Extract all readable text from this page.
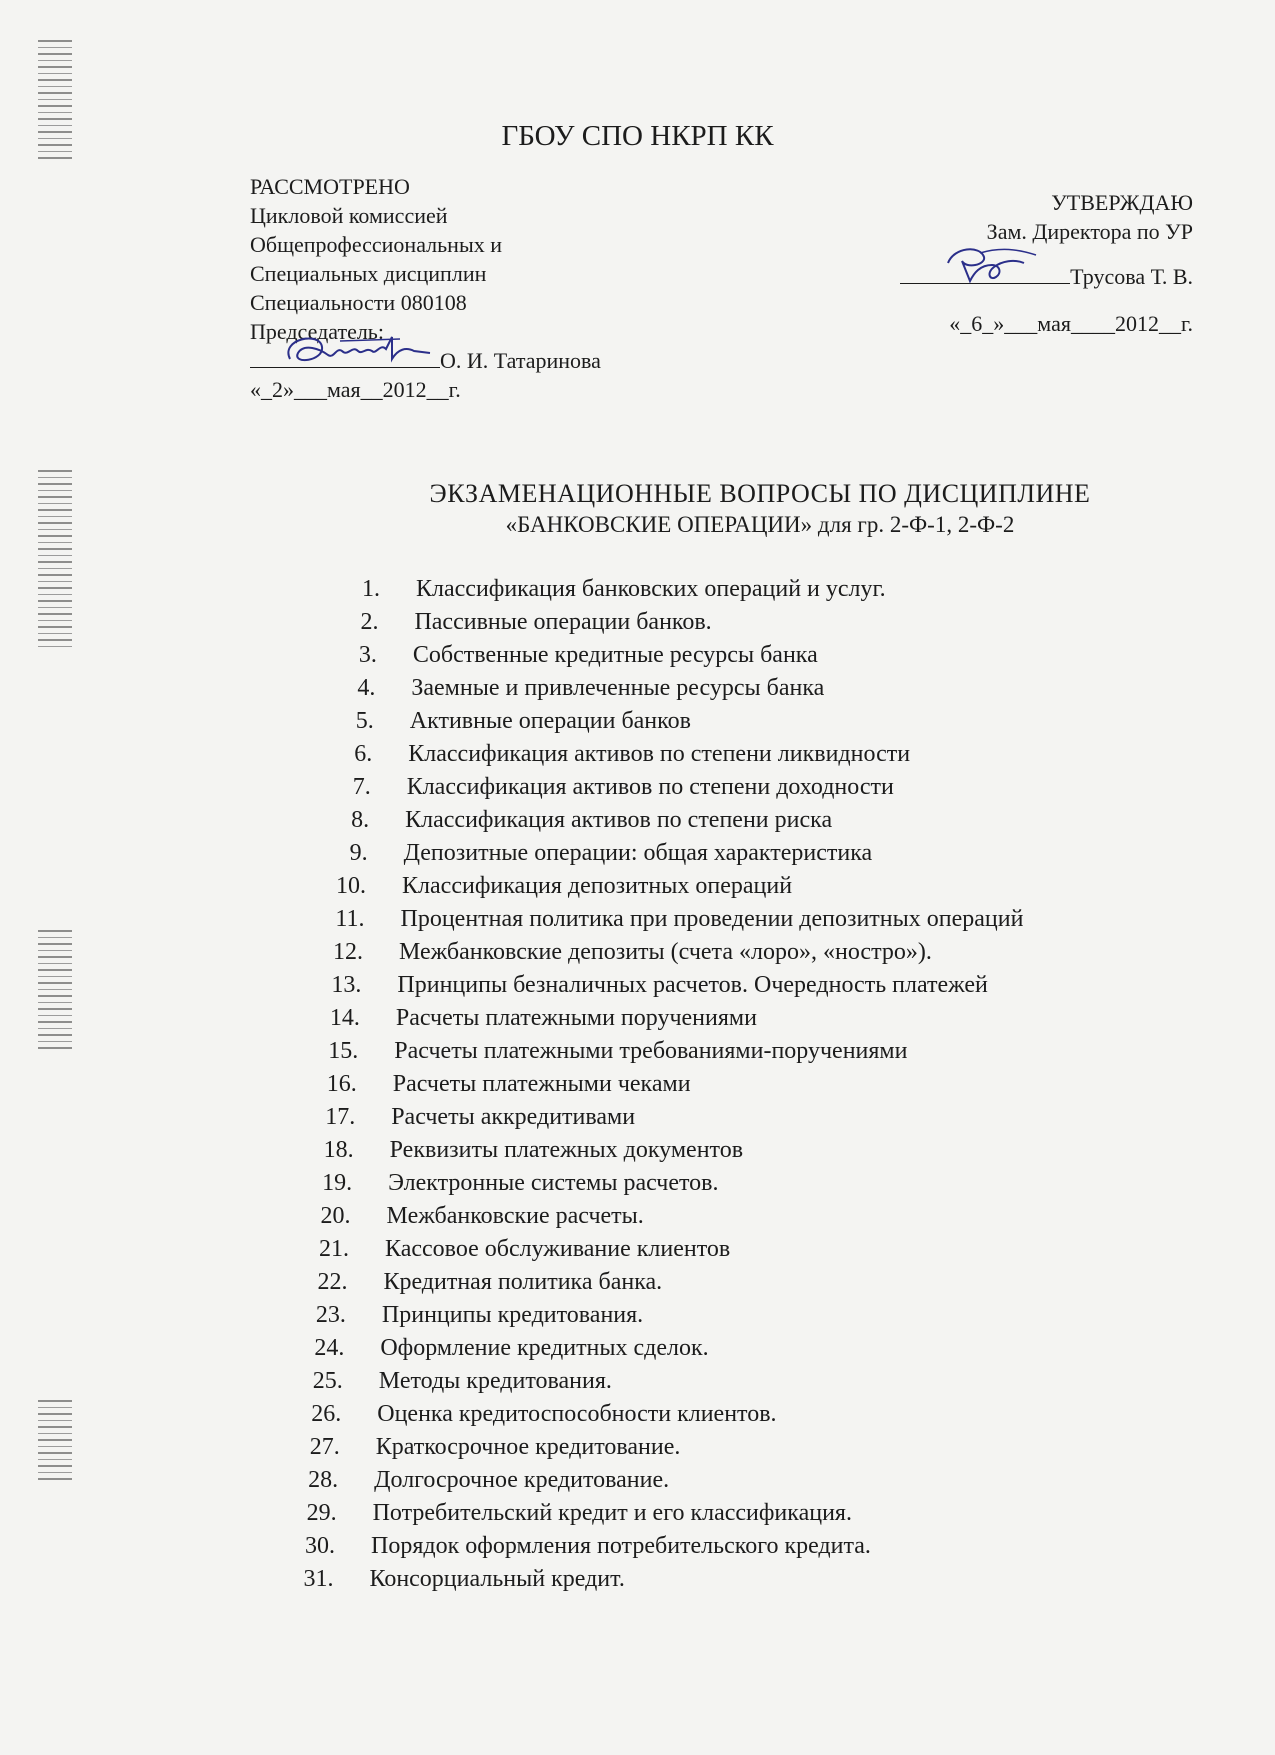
ГБОУ СПО НКРП КК
РАССМОТРЕНО
Цикловой комиссией
Общепрофессиональных и
Специальных дисциплин
Специальности 080108
Председатель:
О. И. Татаринова
«_2»___мая__2012__г.
УТВЕРЖДАЮ
Зам. Директора по УР
Трусова Т. В.
«_6_»___мая____2012__г.
ЭКЗАМЕНАЦИОННЫЕ ВОПРОСЫ ПО ДИСЦИПЛИНЕ
«БАНКОВСКИЕ ОПЕРАЦИИ» для гр. 2-Ф-1, 2-Ф-2
1. Классификация банковских операций и услуг.
2. Пассивные операции банков.
3. Собственные кредитные ресурсы банка
4. Заемные и привлеченные ресурсы банка
5. Активные операции банков
6. Классификация активов по степени ликвидности
7. Классификация активов по степени доходности
8. Классификация активов по степени риска
9. Депозитные операции: общая характеристика
10. Классификация депозитных операций
11. Процентная политика при проведении депозитных операций
12. Межбанковские депозиты (счета «лоро», «ностро»).
13. Принципы безналичных расчетов. Очередность платежей
14. Расчеты платежными поручениями
15. Расчеты платежными требованиями-поручениями
16. Расчеты платежными чеками
17. Расчеты аккредитивами
18. Реквизиты платежных документов
19. Электронные системы расчетов.
20. Межбанковские расчеты.
21. Кассовое обслуживание клиентов
22. Кредитная политика банка.
23. Принципы кредитования.
24. Оформление кредитных сделок.
25. Методы кредитования.
26. Оценка кредитоспособности клиентов.
27. Краткосрочное кредитование.
28. Долгосрочное кредитование.
29. Потребительский кредит и его классификация.
30. Порядок оформления потребительского кредита.
31. Консорциальный кредит.
